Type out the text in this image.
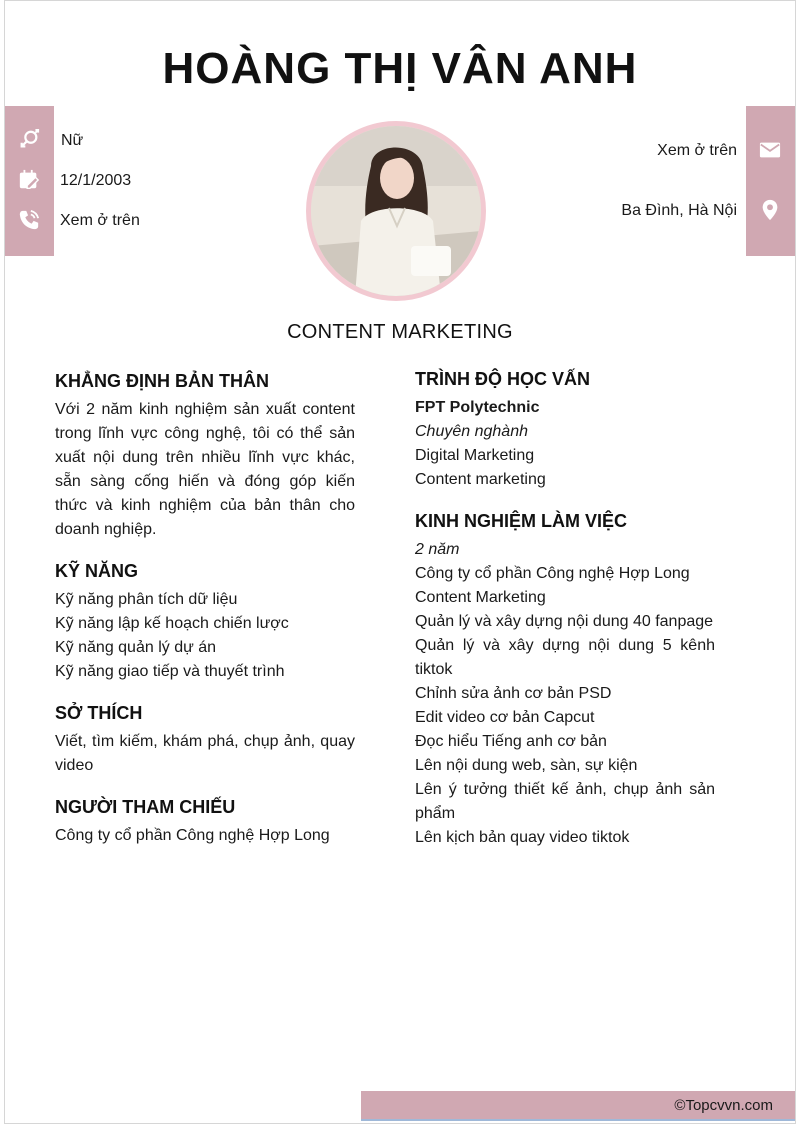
HOÀNG THỊ VÂN ANH
Nữ
12/1/2003
Xem ở trên
Xem ở trên
Ba Đình, Hà Nội
CONTENT MARKETING
KHẲNG ĐỊNH BẢN THÂN
Với 2 năm kinh nghiệm sản xuất content trong lĩnh vực công nghệ, tôi có thể sản xuất nội dung trên nhiều lĩnh vực khác, sẵn sàng cống hiến và đóng góp kiến thức và kinh nghiệm của bản thân cho doanh nghiệp.
KỸ NĂNG
Kỹ năng phân tích dữ liệu
Kỹ năng lập kế hoạch chiến lược
Kỹ năng quản lý dự án
Kỹ năng giao tiếp và thuyết trình
SỞ THÍCH
Viết, tìm kiếm, khám phá, chụp ảnh, quay video
NGƯỜI THAM CHIẾU
Công ty cổ phần Công nghệ Hợp Long
TRÌNH ĐỘ HỌC VẤN
FPT Polytechnic
Chuyên nghành
Digital Marketing
Content marketing
KINH NGHIỆM LÀM VIỆC
2 năm
Công ty cổ phần Công nghệ Hợp Long
Content Marketing
Quản lý và xây dựng nội dung 40 fanpage
Quản lý và xây dựng nội dung 5 kênh tiktok
Chỉnh sửa ảnh cơ bản PSD
Edit video cơ bản Capcut
Đọc hiểu Tiếng anh cơ bản
Lên nội dung web, sàn, sự kiện
Lên ý tưởng thiết kế ảnh, chụp ảnh sản phẩm
Lên kịch bản quay video tiktok
©Topcvvn.com
